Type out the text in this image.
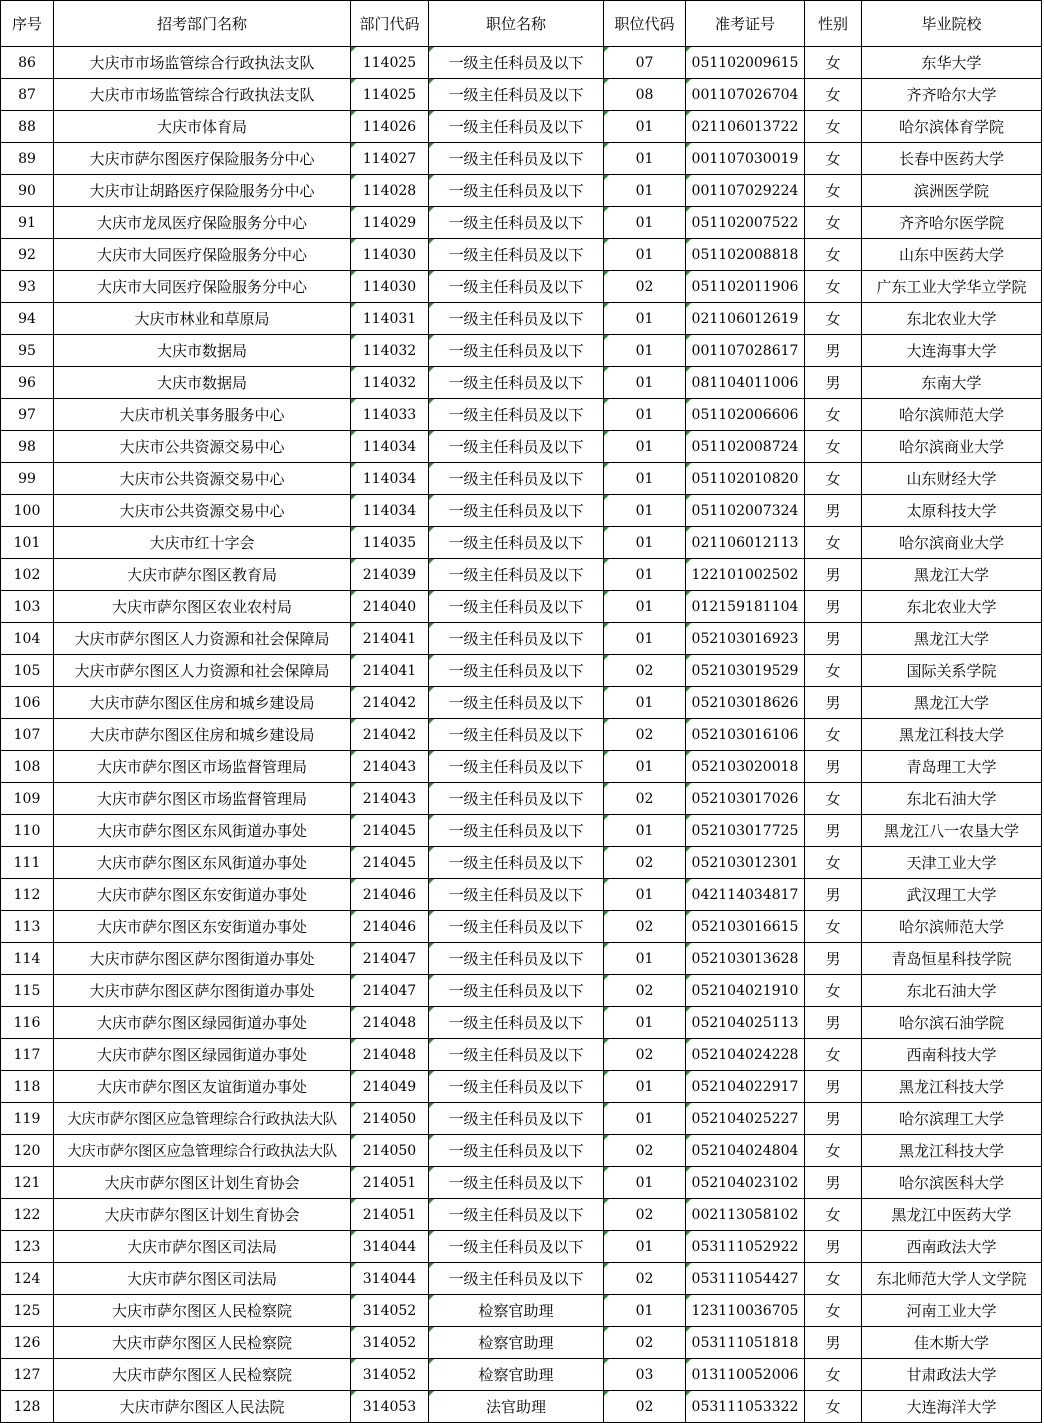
序号	招考部门名称	部门代码	职位名称	职位代码	准考证号	性别	毕业院校
86	大庆市市场监管综合行政执法支队	114025	一级主任科员及以下	07	051102009615	女	东华大学
87	大庆市市场监管综合行政执法支队	114025	一级主任科员及以下	08	001107026704	女	齐齐哈尔大学
88	大庆市体育局	114026	一级主任科员及以下	01	021106013722	女	哈尔滨体育学院
89	大庆市萨尔图医疗保险服务分中心	114027	一级主任科员及以下	01	001107030019	女	长春中医药大学
90	大庆市让胡路医疗保险服务分中心	114028	一级主任科员及以下	01	001107029224	女	滨洲医学院
91	大庆市龙凤医疗保险服务分中心	114029	一级主任科员及以下	01	051102007522	女	齐齐哈尔医学院
92	大庆市大同医疗保险服务分中心	114030	一级主任科员及以下	01	051102008818	女	山东中医药大学
93	大庆市大同医疗保险服务分中心	114030	一级主任科员及以下	02	051102011906	女	广东工业大学华立学院
94	大庆市林业和草原局	114031	一级主任科员及以下	01	021106012619	女	东北农业大学
95	大庆市数据局	114032	一级主任科员及以下	01	001107028617	男	大连海事大学
96	大庆市数据局	114032	一级主任科员及以下	01	081104011006	男	东南大学
97	大庆市机关事务服务中心	114033	一级主任科员及以下	01	051102006606	女	哈尔滨师范大学
98	大庆市公共资源交易中心	114034	一级主任科员及以下	01	051102008724	女	哈尔滨商业大学
99	大庆市公共资源交易中心	114034	一级主任科员及以下	01	051102010820	女	山东财经大学
100	大庆市公共资源交易中心	114034	一级主任科员及以下	01	051102007324	男	太原科技大学
101	大庆市红十字会	114035	一级主任科员及以下	01	021106012113	女	哈尔滨商业大学
102	大庆市萨尔图区教育局	214039	一级主任科员及以下	01	122101002502	男	黑龙江大学
103	大庆市萨尔图区农业农村局	214040	一级主任科员及以下	01	012159181104	男	东北农业大学
104	大庆市萨尔图区人力资源和社会保障局	214041	一级主任科员及以下	01	052103016923	男	黑龙江大学
105	大庆市萨尔图区人力资源和社会保障局	214041	一级主任科员及以下	02	052103019529	女	国际关系学院
106	大庆市萨尔图区住房和城乡建设局	214042	一级主任科员及以下	01	052103018626	男	黑龙江大学
107	大庆市萨尔图区住房和城乡建设局	214042	一级主任科员及以下	02	052103016106	女	黑龙江科技大学
108	大庆市萨尔图区市场监督管理局	214043	一级主任科员及以下	01	052103020018	男	青岛理工大学
109	大庆市萨尔图区市场监督管理局	214043	一级主任科员及以下	02	052103017026	女	东北石油大学
110	大庆市萨尔图区东风街道办事处	214045	一级主任科员及以下	01	052103017725	男	黑龙江八一农垦大学
111	大庆市萨尔图区东风街道办事处	214045	一级主任科员及以下	02	052103012301	女	天津工业大学
112	大庆市萨尔图区东安街道办事处	214046	一级主任科员及以下	01	042114034817	男	武汉理工大学
113	大庆市萨尔图区东安街道办事处	214046	一级主任科员及以下	02	052103016615	女	哈尔滨师范大学
114	大庆市萨尔图区萨尔图街道办事处	214047	一级主任科员及以下	01	052103013628	男	青岛恒星科技学院
115	大庆市萨尔图区萨尔图街道办事处	214047	一级主任科员及以下	02	052104021910	女	东北石油大学
116	大庆市萨尔图区绿园街道办事处	214048	一级主任科员及以下	01	052104025113	男	哈尔滨石油学院
117	大庆市萨尔图区绿园街道办事处	214048	一级主任科员及以下	02	052104024228	女	西南科技大学
118	大庆市萨尔图区友谊街道办事处	214049	一级主任科员及以下	01	052104022917	男	黑龙江科技大学
119	大庆市萨尔图区应急管理综合行政执法大队	214050	一级主任科员及以下	01	052104025227	男	哈尔滨理工大学
120	大庆市萨尔图区应急管理综合行政执法大队	214050	一级主任科员及以下	02	052104024804	女	黑龙江科技大学
121	大庆市萨尔图区计划生育协会	214051	一级主任科员及以下	01	052104023102	男	哈尔滨医科大学
122	大庆市萨尔图区计划生育协会	214051	一级主任科员及以下	02	002113058102	女	黑龙江中医药大学
123	大庆市萨尔图区司法局	314044	一级主任科员及以下	01	053111052922	男	西南政法大学
124	大庆市萨尔图区司法局	314044	一级主任科员及以下	02	053111054427	女	东北师范大学人文学院
125	大庆市萨尔图区人民检察院	314052	检察官助理	01	123110036705	女	河南工业大学
126	大庆市萨尔图区人民检察院	314052	检察官助理	02	053111051818	男	佳木斯大学
127	大庆市萨尔图区人民检察院	314052	检察官助理	03	013110052006	女	甘肃政法大学
128	大庆市萨尔图区人民法院	314053	法官助理	02	053111053322	女	大连海洋大学
